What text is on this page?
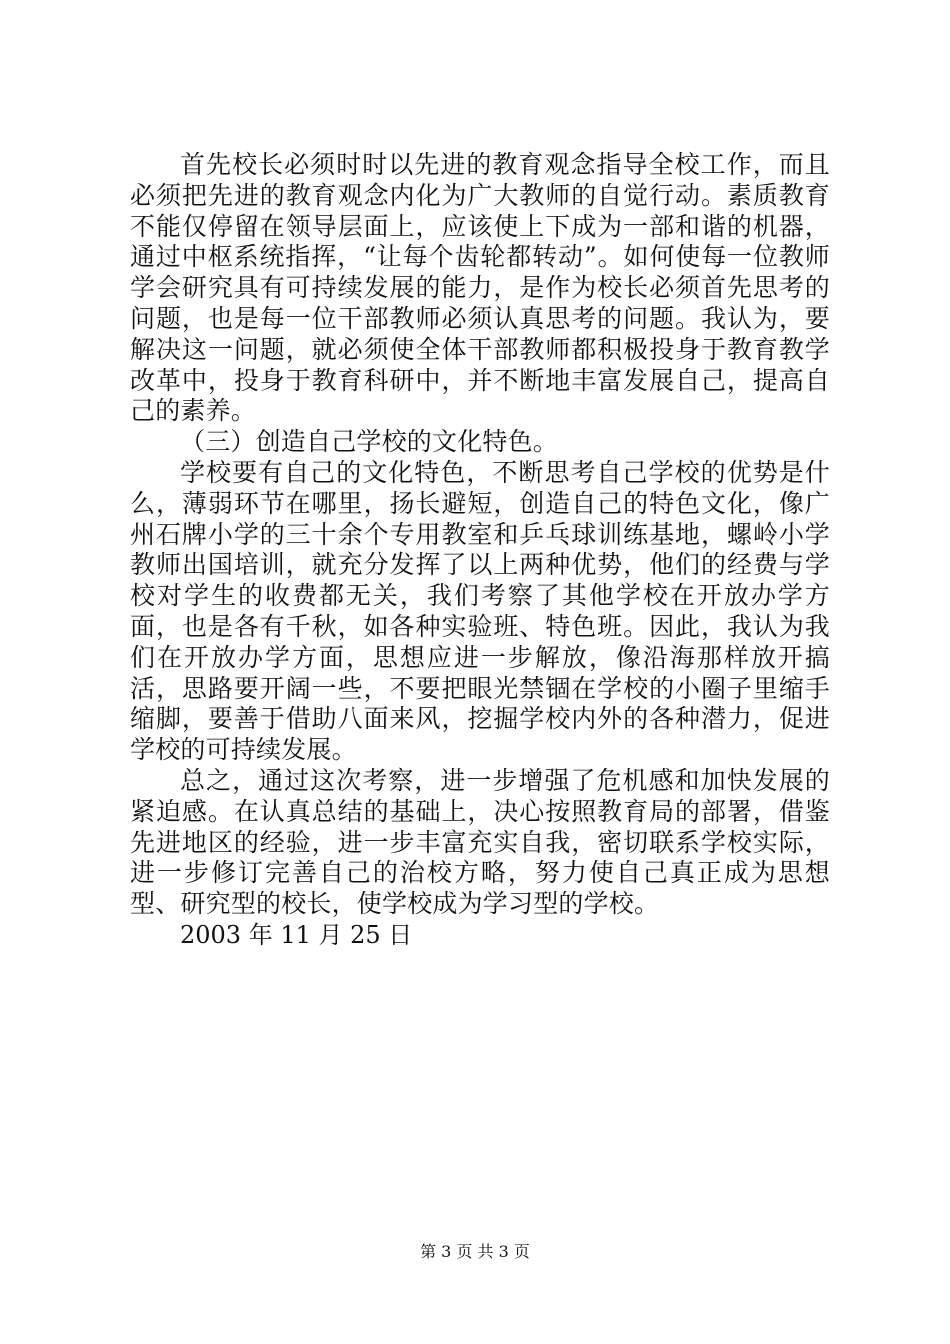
首先校长必须时时以先进的教育观念指导全校工作，而且必须把先进的教育观念内化为广大教师的自觉行动。素质教育不能仅停留在领导层面上，应该使上下成为一部和谐的机器，通过中枢系统指挥，“让每个齿轮都转动”。如何使每一位教师学会研究具有可持续发展的能力，是作为校长必须首先思考的问题，也是每一位干部教师必须认真思考的问题。我认为，要解决这一问题，就必须使全体干部教师都积极投身于教育教学改革中，投身于教育科研中，并不断地丰富发展自己，提高自己的素养。

（三）创造自己学校的文化特色。

学校要有自己的文化特色，不断思考自己学校的优势是什么，薄弱环节在哪里，扬长避短，创造自己的特色文化，像广州石牌小学的三十余个专用教室和乒乓球训练基地，螺岭小学教师出国培训，就充分发挥了以上两种优势，他们的经费与学校对学生的收费都无关，我们考察了其他学校在开放办学方面，也是各有千秋，如各种实验班、特色班。因此，我认为我们在开放办学方面，思想应进一步解放，像沿海那样放开搞活，思路要开阔一些，不要把眼光禁锢在学校的小圈子里缩手缩脚，要善于借助八面来风，挖掘学校内外的各种潜力，促进学校的可持续发展。

总之，通过这次考察，进一步增强了危机感和加快发展的紧迫感。在认真总结的基础上，决心按照教育局的部署，借鉴先进地区的经验，进一步丰富充实自我，密切联系学校实际，进一步修订完善自己的治校方略，努力使自己真正成为思想型、研究型的校长，使学校成为学习型的学校。

2003 年 11 月 25 日

第 3 页 共 3 页
